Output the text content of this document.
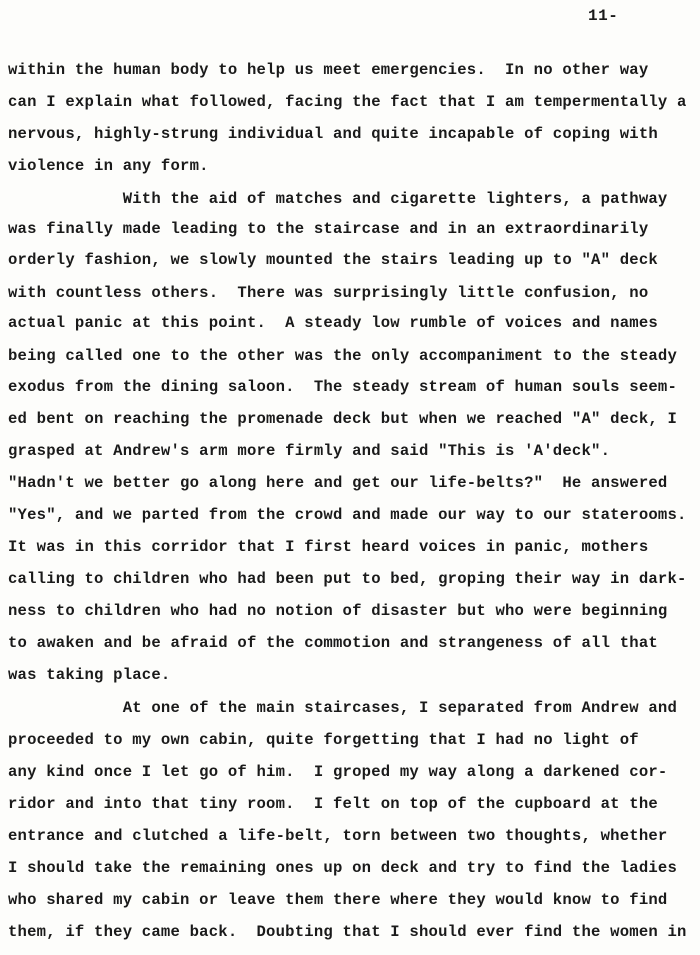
11-
within the human body to help us meet emergencies.  In no other way
can I explain what followed, facing the fact that I am tempermentally a
nervous, highly-strung individual and quite incapable of coping with
violence in any form.
With the aid of matches and cigarette lighters, a pathway
was finally made leading to the staircase and in an extraordinarily
orderly fashion, we slowly mounted the stairs leading up to "A" deck
with countless others.  There was surprisingly little confusion, no
actual panic at this point.  A steady low rumble of voices and names
being called one to the other was the only accompaniment to the steady
exodus from the dining saloon.  The steady stream of human souls seem-
ed bent on reaching the promenade deck but when we reached "A" deck, I
grasped at Andrew's arm more firmly and said "This is 'A'deck".
"Hadn't we better go along here and get our life-belts?"  He answered
"Yes", and we parted from the crowd and made our way to our staterooms.
It was in this corridor that I first heard voices in panic, mothers
calling to children who had been put to bed, groping their way in dark-
ness to children who had no notion of disaster but who were beginning
to awaken and be afraid of the commotion and strangeness of all that
was taking place.
At one of the main staircases, I separated from Andrew and
proceeded to my own cabin, quite forgetting that I had no light of
any kind once I let go of him.  I groped my way along a darkened cor-
ridor and into that tiny room.  I felt on top of the cupboard at the
entrance and clutched a life-belt, torn between two thoughts, whether
I should take the remaining ones up on deck and try to find the ladies
who shared my cabin or leave them there where they would know to find
them, if they came back.  Doubting that I should ever find the women in
